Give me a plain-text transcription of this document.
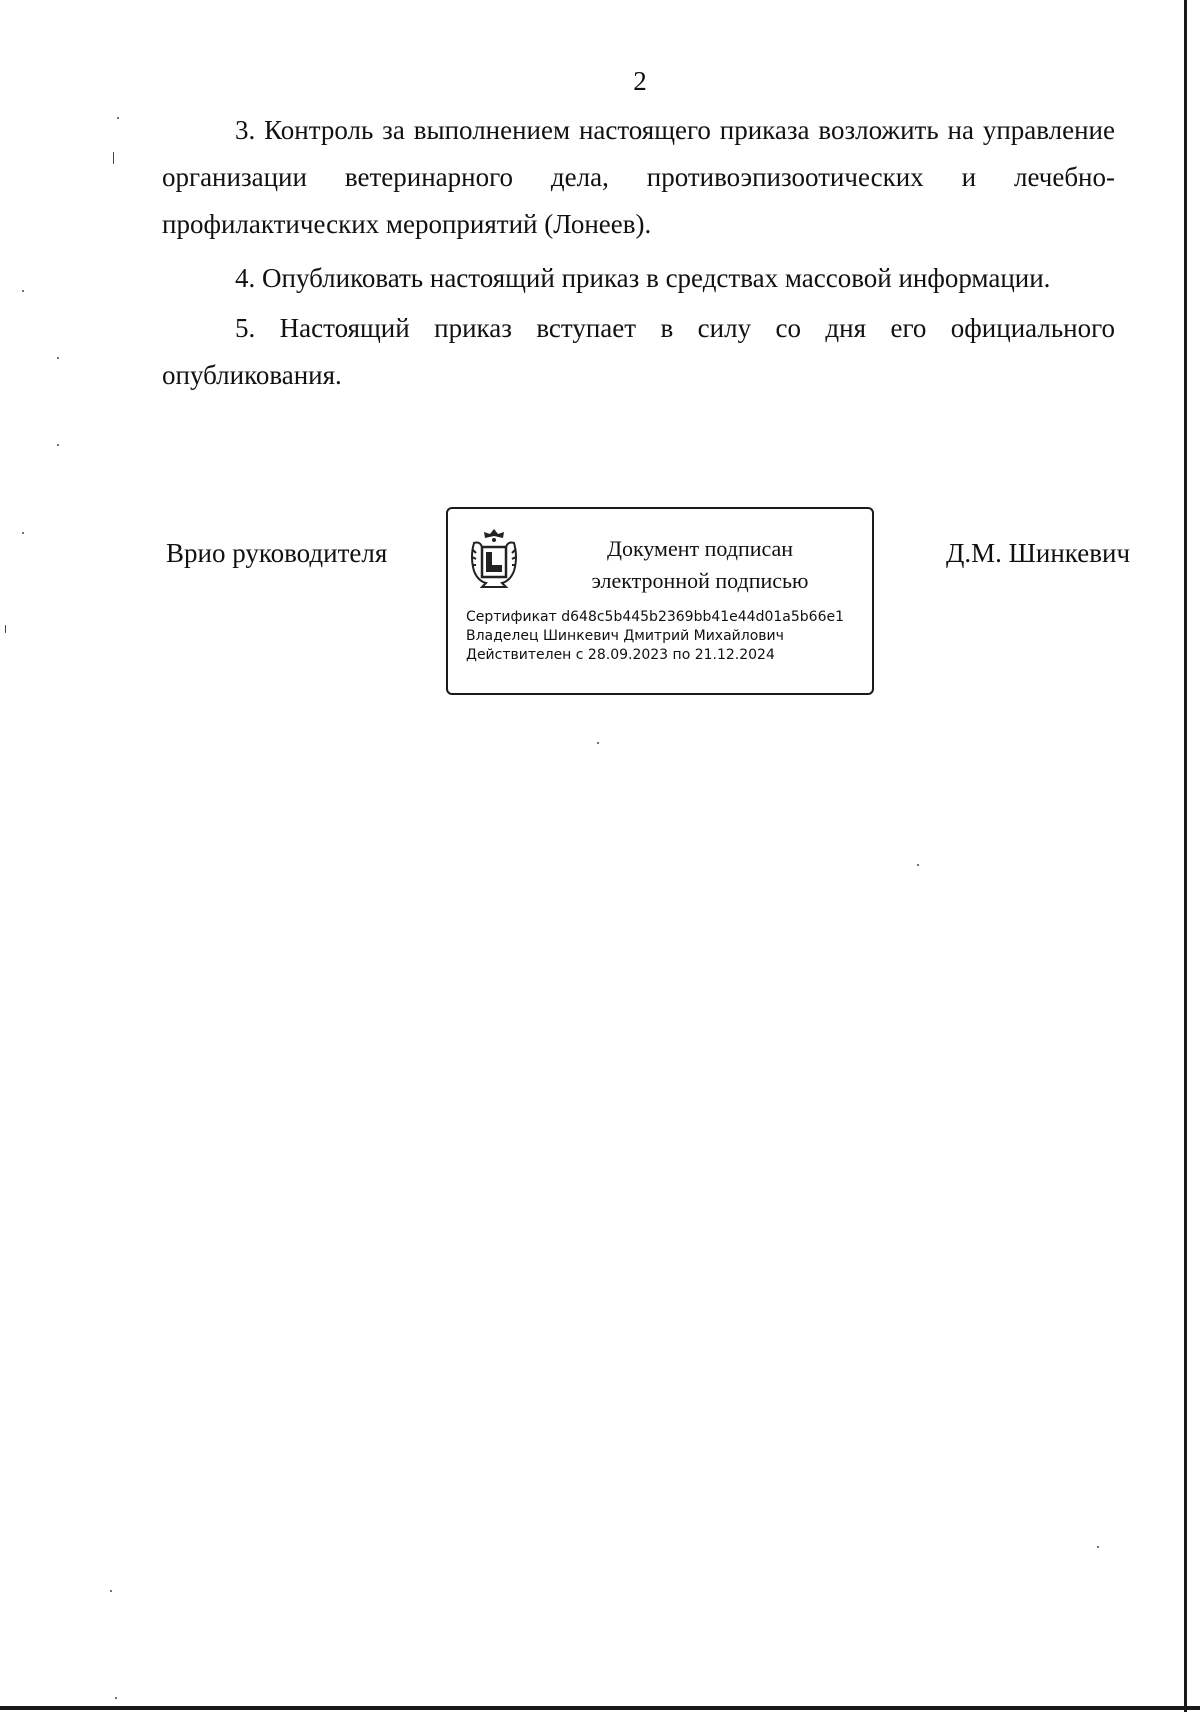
2

3. Контроль за выполнением настоящего приказа возложить на управление организации ветеринарного дела, противоэпизоотических и лечебно-профилактических мероприятий (Лонеев).

4. Опубликовать настоящий приказ в средствах массовой информации.

5. Настоящий приказ вступает в силу со дня его официального опубликования.

Врио руководителя	Документ подписан
электронной подписью
Сертификат d648c5b445b2369bb41e44d01a5b66e1
Владелец Шинкевич Дмитрий Михайлович
Действителен с 28.09.2023 по 21.12.2024
Д.М. Шинкевич
